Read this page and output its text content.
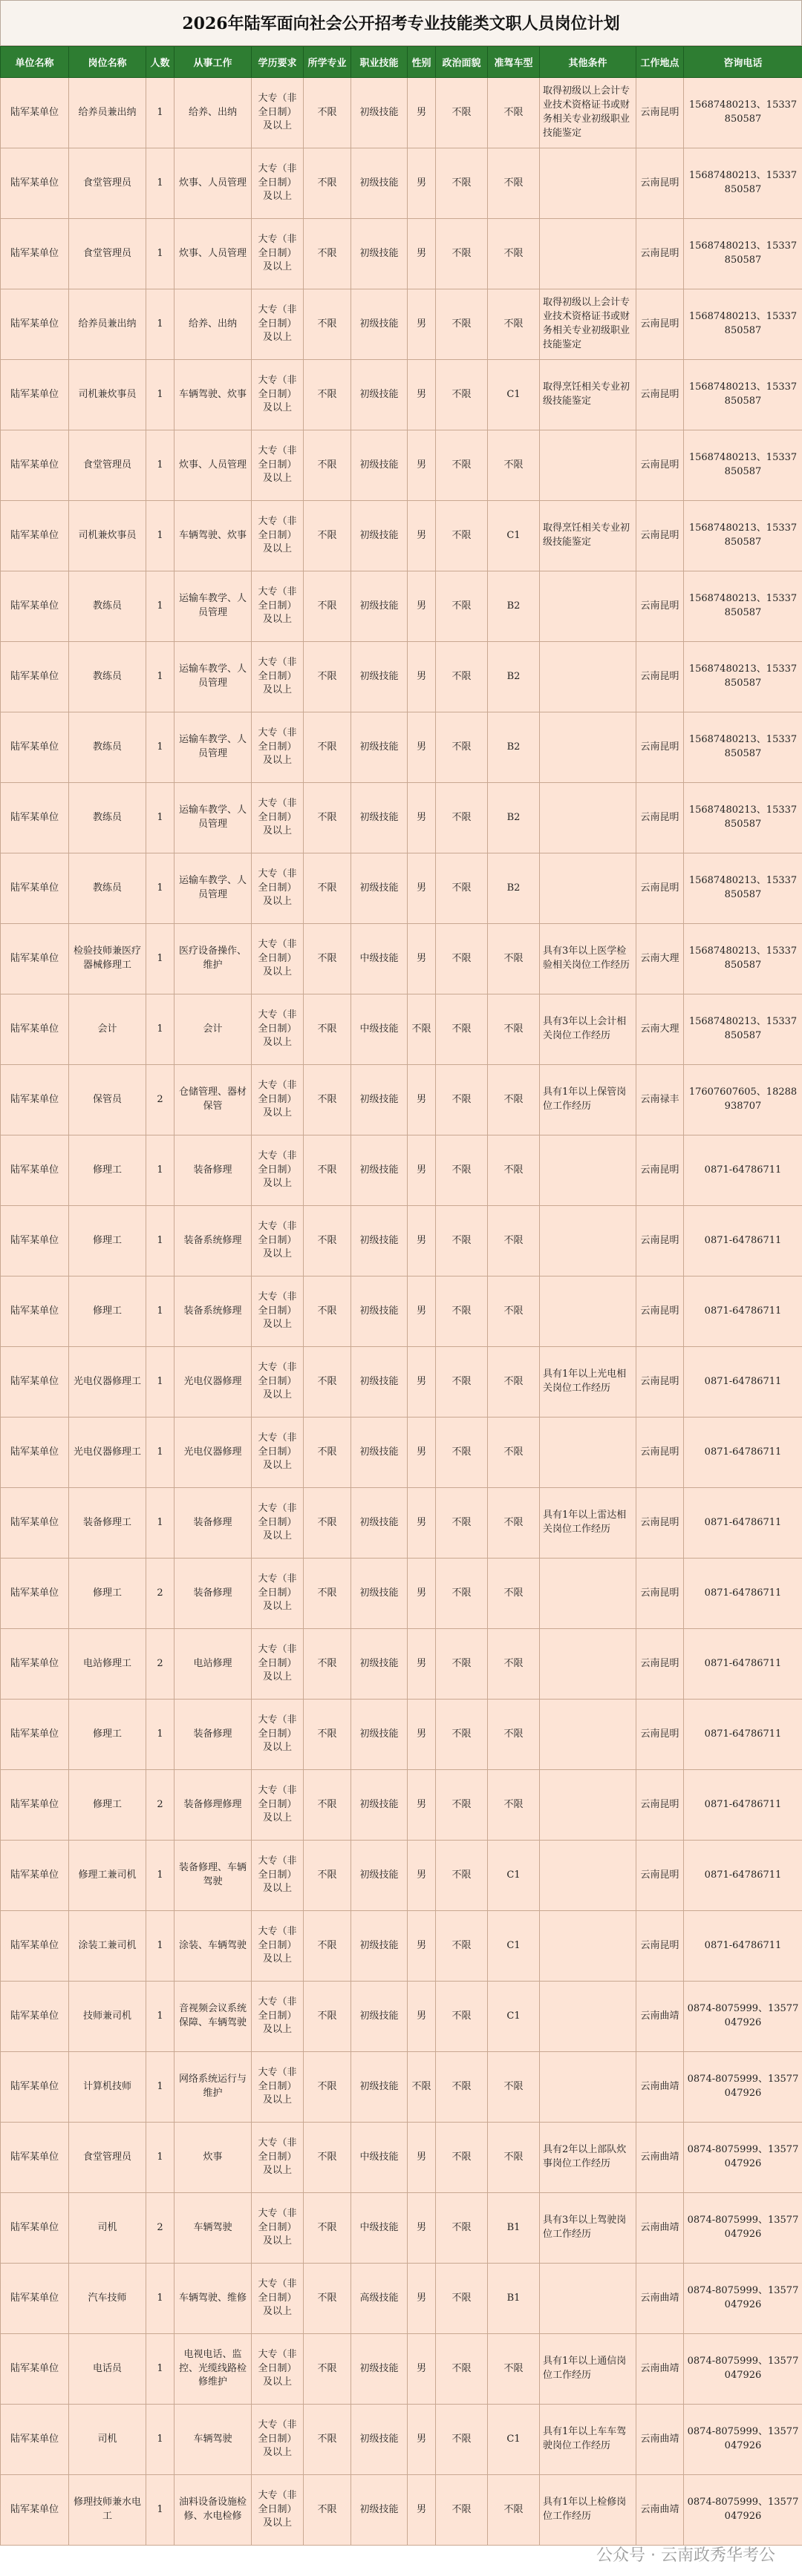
2026年陆军面向社会公开招考专业技能类文职人员岗位计划
单位名称	岗位名称	人数	从事工作	学历要求	所学专业	职业技能	性别	政治面貌	准驾车型	其他条件	工作地点	咨询电话
陆军某单位	给养员兼出纳	1	给养、出纳	大专（非全日制）及以上	不限	初级技能	男	不限	不限	取得初级以上会计专业技术资格证书或财务相关专业初级职业技能鉴定	云南昆明	15687480213、15337850587
陆军某单位	食堂管理员	1	炊事、人员管理	大专（非全日制）及以上	不限	初级技能	男	不限	不限		云南昆明	15687480213、15337850587
陆军某单位	食堂管理员	1	炊事、人员管理	大专（非全日制）及以上	不限	初级技能	男	不限	不限		云南昆明	15687480213、15337850587
陆军某单位	给养员兼出纳	1	给养、出纳	大专（非全日制）及以上	不限	初级技能	男	不限	不限	取得初级以上会计专业技术资格证书或财务相关专业初级职业技能鉴定	云南昆明	15687480213、15337850587
陆军某单位	司机兼炊事员	1	车辆驾驶、炊事	大专（非全日制）及以上	不限	初级技能	男	不限	C1	取得烹饪相关专业初级技能鉴定	云南昆明	15687480213、15337850587
陆军某单位	食堂管理员	1	炊事、人员管理	大专（非全日制）及以上	不限	初级技能	男	不限	不限		云南昆明	15687480213、15337850587
陆军某单位	司机兼炊事员	1	车辆驾驶、炊事	大专（非全日制）及以上	不限	初级技能	男	不限	C1	取得烹饪相关专业初级技能鉴定	云南昆明	15687480213、15337850587
陆军某单位	教练员	1	运输车教学、人员管理	大专（非全日制）及以上	不限	初级技能	男	不限	B2		云南昆明	15687480213、15337850587
陆军某单位	教练员	1	运输车教学、人员管理	大专（非全日制）及以上	不限	初级技能	男	不限	B2		云南昆明	15687480213、15337850587
陆军某单位	教练员	1	运输车教学、人员管理	大专（非全日制）及以上	不限	初级技能	男	不限	B2		云南昆明	15687480213、15337850587
陆军某单位	教练员	1	运输车教学、人员管理	大专（非全日制）及以上	不限	初级技能	男	不限	B2		云南昆明	15687480213、15337850587
陆军某单位	教练员	1	运输车教学、人员管理	大专（非全日制）及以上	不限	初级技能	男	不限	B2		云南昆明	15687480213、15337850587
陆军某单位	检验技师兼医疗器械修理工	1	医疗设备操作、维护	大专（非全日制）及以上	不限	中级技能	男	不限	不限	具有3年以上医学检验相关岗位工作经历	云南大理	15687480213、15337850587
陆军某单位	会计	1	会计	大专（非全日制）及以上	不限	中级技能	不限	不限	不限	具有3年以上会计相关岗位工作经历	云南大理	15687480213、15337850587
陆军某单位	保管员	2	仓储管理、器材保管	大专（非全日制）及以上	不限	初级技能	男	不限	不限	具有1年以上保管岗位工作经历	云南禄丰	17607607605、18288938707
陆军某单位	修理工	1	装备修理	大专（非全日制）及以上	不限	初级技能	男	不限	不限		云南昆明	0871-64786711
陆军某单位	修理工	1	装备系统修理	大专（非全日制）及以上	不限	初级技能	男	不限	不限		云南昆明	0871-64786711
陆军某单位	修理工	1	装备系统修理	大专（非全日制）及以上	不限	初级技能	男	不限	不限		云南昆明	0871-64786711
陆军某单位	光电仪器修理工	1	光电仪器修理	大专（非全日制）及以上	不限	初级技能	男	不限	不限	具有1年以上光电相关岗位工作经历	云南昆明	0871-64786711
陆军某单位	光电仪器修理工	1	光电仪器修理	大专（非全日制）及以上	不限	初级技能	男	不限	不限		云南昆明	0871-64786711
陆军某单位	装备修理工	1	装备修理	大专（非全日制）及以上	不限	初级技能	男	不限	不限	具有1年以上雷达相关岗位工作经历	云南昆明	0871-64786711
陆军某单位	修理工	2	装备修理	大专（非全日制）及以上	不限	初级技能	男	不限	不限		云南昆明	0871-64786711
陆军某单位	电站修理工	2	电站修理	大专（非全日制）及以上	不限	初级技能	男	不限	不限		云南昆明	0871-64786711
陆军某单位	修理工	1	装备修理	大专（非全日制）及以上	不限	初级技能	男	不限	不限		云南昆明	0871-64786711
陆军某单位	修理工	2	装备修理修理	大专（非全日制）及以上	不限	初级技能	男	不限	不限		云南昆明	0871-64786711
陆军某单位	修理工兼司机	1	装备修理、车辆驾驶	大专（非全日制）及以上	不限	初级技能	男	不限	C1		云南昆明	0871-64786711
陆军某单位	涂装工兼司机	1	涂装、车辆驾驶	大专（非全日制）及以上	不限	初级技能	男	不限	C1		云南昆明	0871-64786711
陆军某单位	技师兼司机	1	音视频会议系统保障、车辆驾驶	大专（非全日制）及以上	不限	初级技能	男	不限	C1		云南曲靖	0874-8075999、13577047926
陆军某单位	计算机技师	1	网络系统运行与维护	大专（非全日制）及以上	不限	初级技能	不限	不限	不限		云南曲靖	0874-8075999、13577047926
陆军某单位	食堂管理员	1	炊事	大专（非全日制）及以上	不限	中级技能	男	不限	不限	具有2年以上部队炊事岗位工作经历	云南曲靖	0874-8075999、13577047926
陆军某单位	司机	2	车辆驾驶	大专（非全日制）及以上	不限	中级技能	男	不限	B1	具有3年以上驾驶岗位工作经历	云南曲靖	0874-8075999、13577047926
陆军某单位	汽车技师	1	车辆驾驶、维修	大专（非全日制）及以上	不限	高级技能	男	不限	B1		云南曲靖	0874-8075999、13577047926
陆军某单位	电话员	1	电视电话、监控、光缆线路检修维护	大专（非全日制）及以上	不限	初级技能	男	不限	不限	具有1年以上通信岗位工作经历	云南曲靖	0874-8075999、13577047926
陆军某单位	司机	1	车辆驾驶	大专（非全日制）及以上	不限	初级技能	男	不限	C1	具有1年以上车车驾驶岗位工作经历	云南曲靖	0874-8075999、13577047926
陆军某单位	修理技师兼水电工	1	油料设备设施检修、水电检修	大专（非全日制）及以上	不限	初级技能	男	不限	不限	具有1年以上检修岗位工作经历	云南曲靖	0874-8075999、13577047926
公众号 · 云南政秀华考公
